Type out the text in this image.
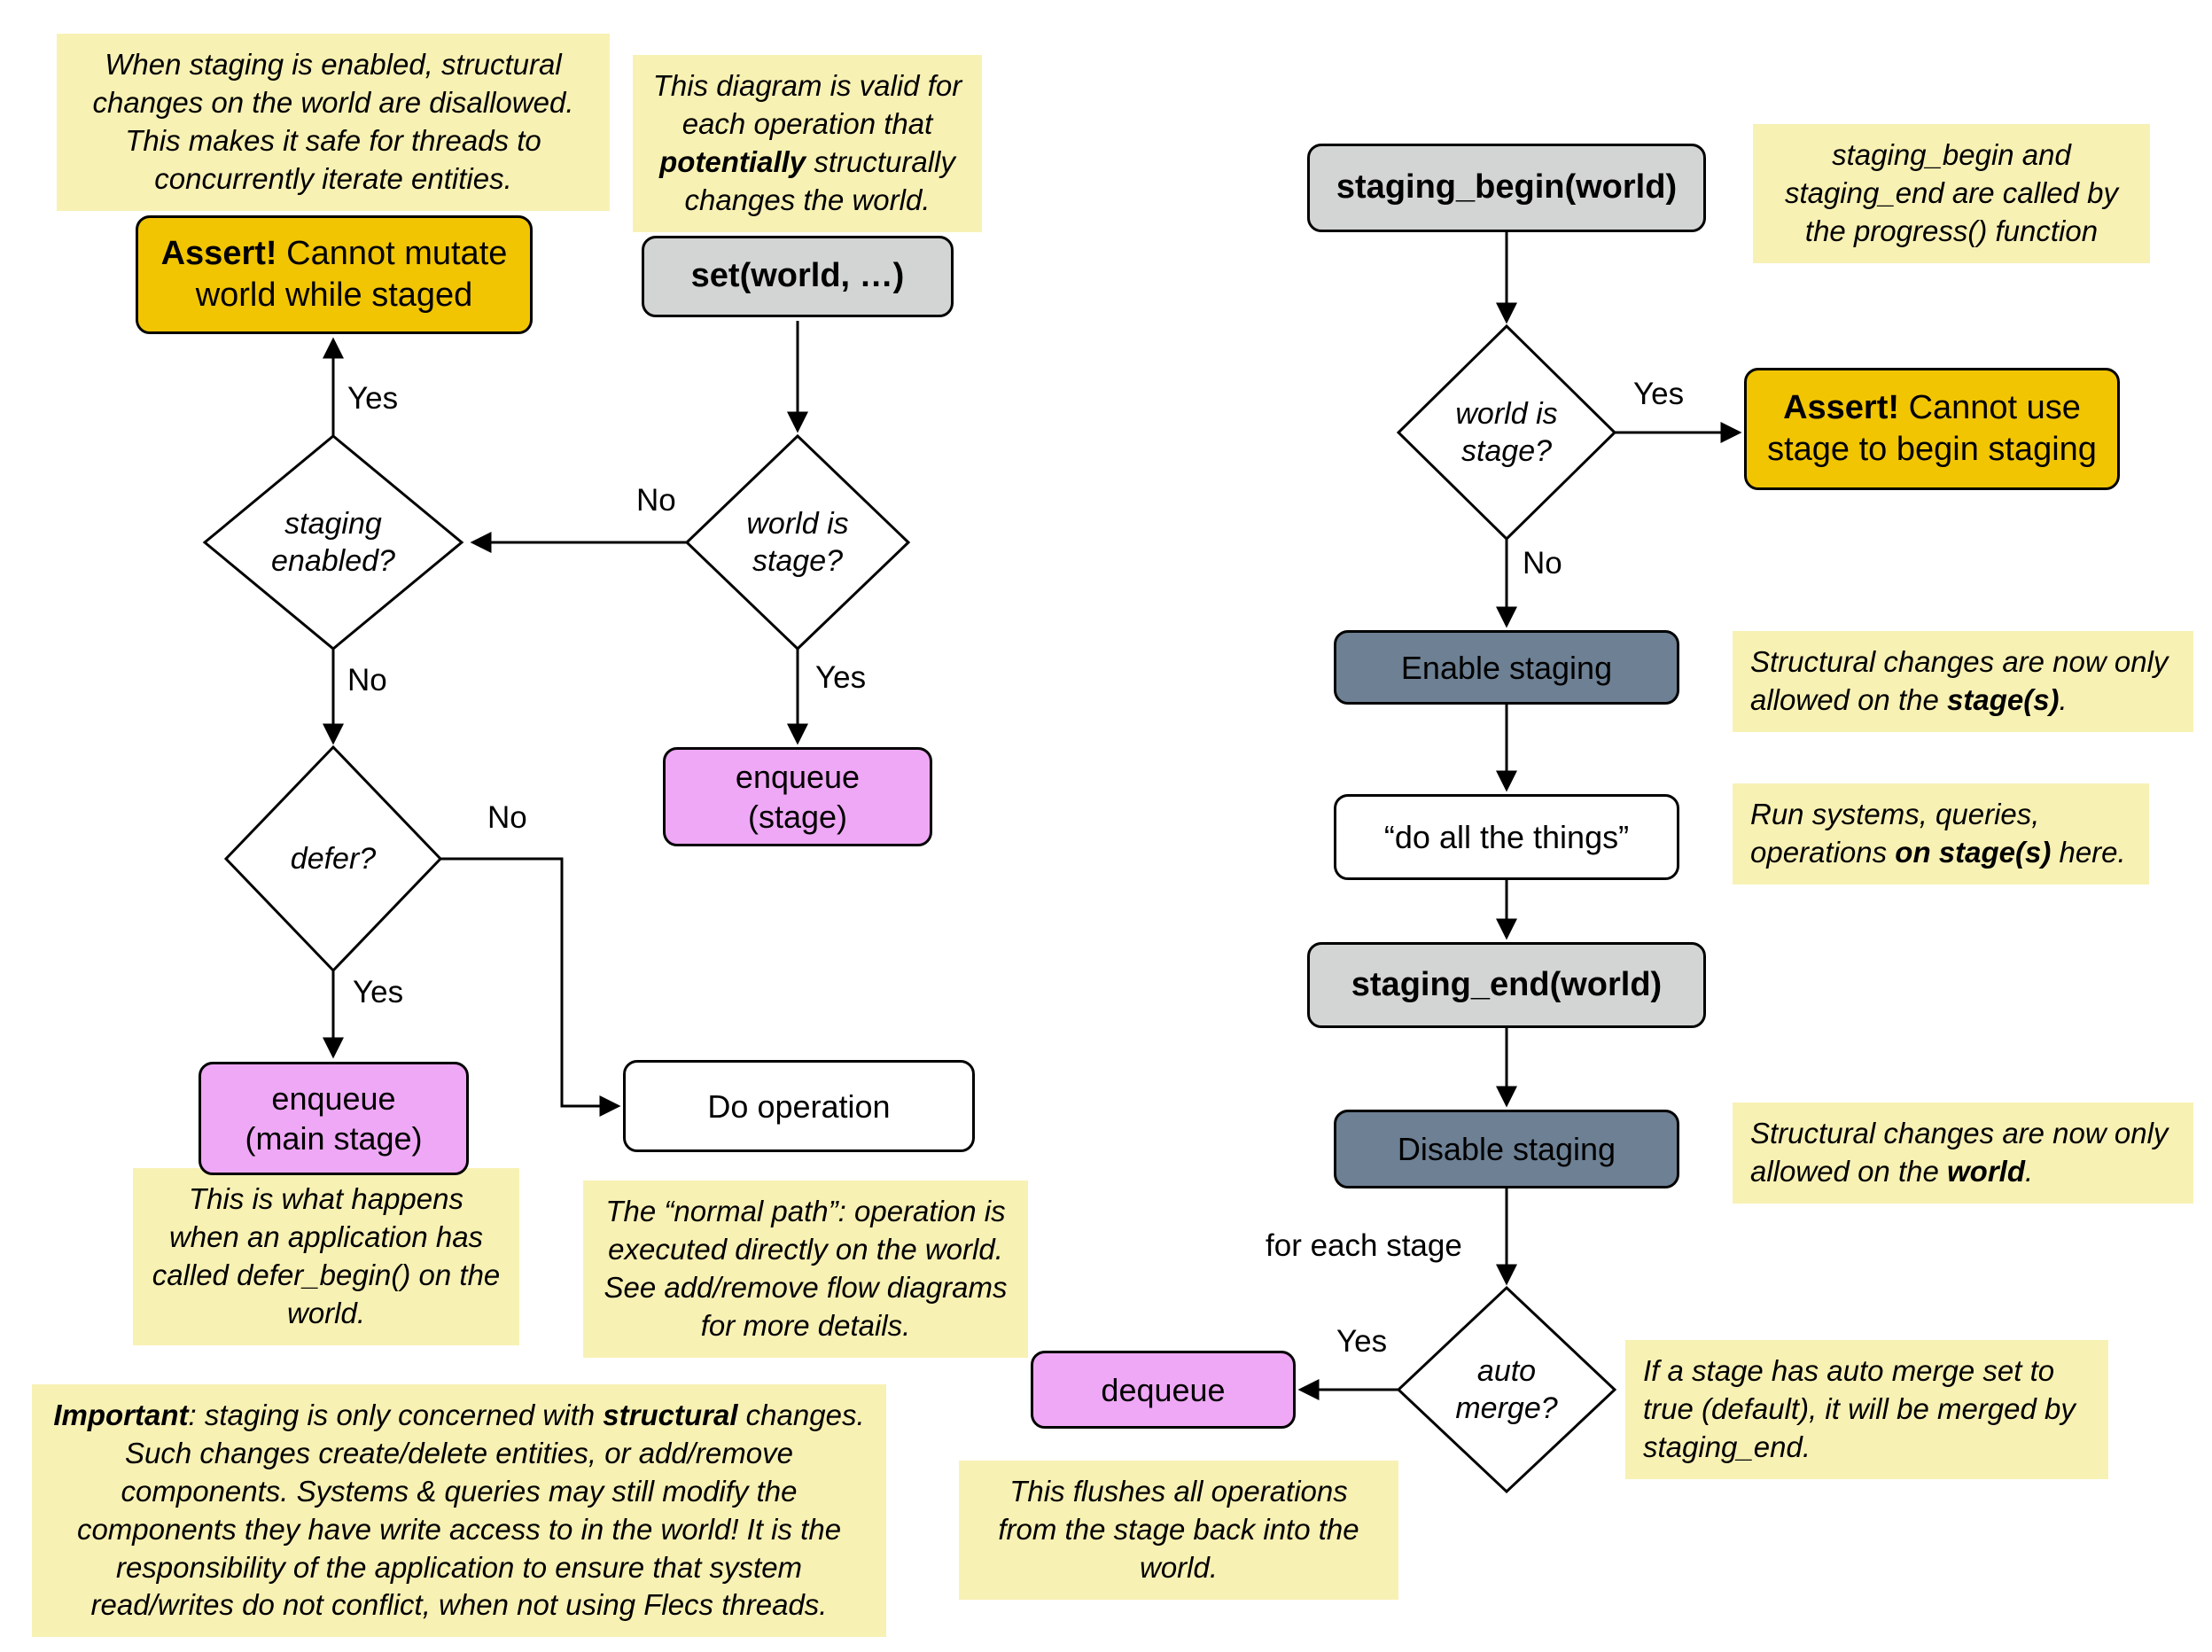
When staging is enabled, structural changes on the world are disallowed. This makes it safe for threads to concurrently iterate entities.
This diagram is valid for each operation that potentially structurally changes the world.
staging_begin and staging_end are called by the progress() function
Structural changes are now only allowed on the stage(s).
Run systems, queries, operations on stage(s) here.
Structural changes are now only allowed on the world.
If a stage has auto merge set to true (default), it will be merged by staging_end.
This flushes all operations from the stage back into the world.
This is what happens when an application has called defer_begin() on the world.
The “normal path”: operation is executed directly on the world. See add/remove flow diagrams for more details.
Important: staging is only concerned with structural changes. Such changes create/delete entities, or add/remove components. Systems & queries may still modify the components they have write access to in the world! It is the responsibility of the application to ensure that system read/writes do not conflict, when not using Flecs threads.
Assert! Cannot mutate world while staged
set(world, …)
enqueue
(stage)
enqueue
(main stage)
Do operation
staging_begin(world)
Assert! Cannot use stage to begin staging
Enable staging
“do all the things”
staging_end(world)
Disable staging
dequeue
staging enabled?
world is stage?
defer?
world is stage?
auto merge?
Yes
No
No	Yes
No
Yes
Yes
No
for each stage
Yes
